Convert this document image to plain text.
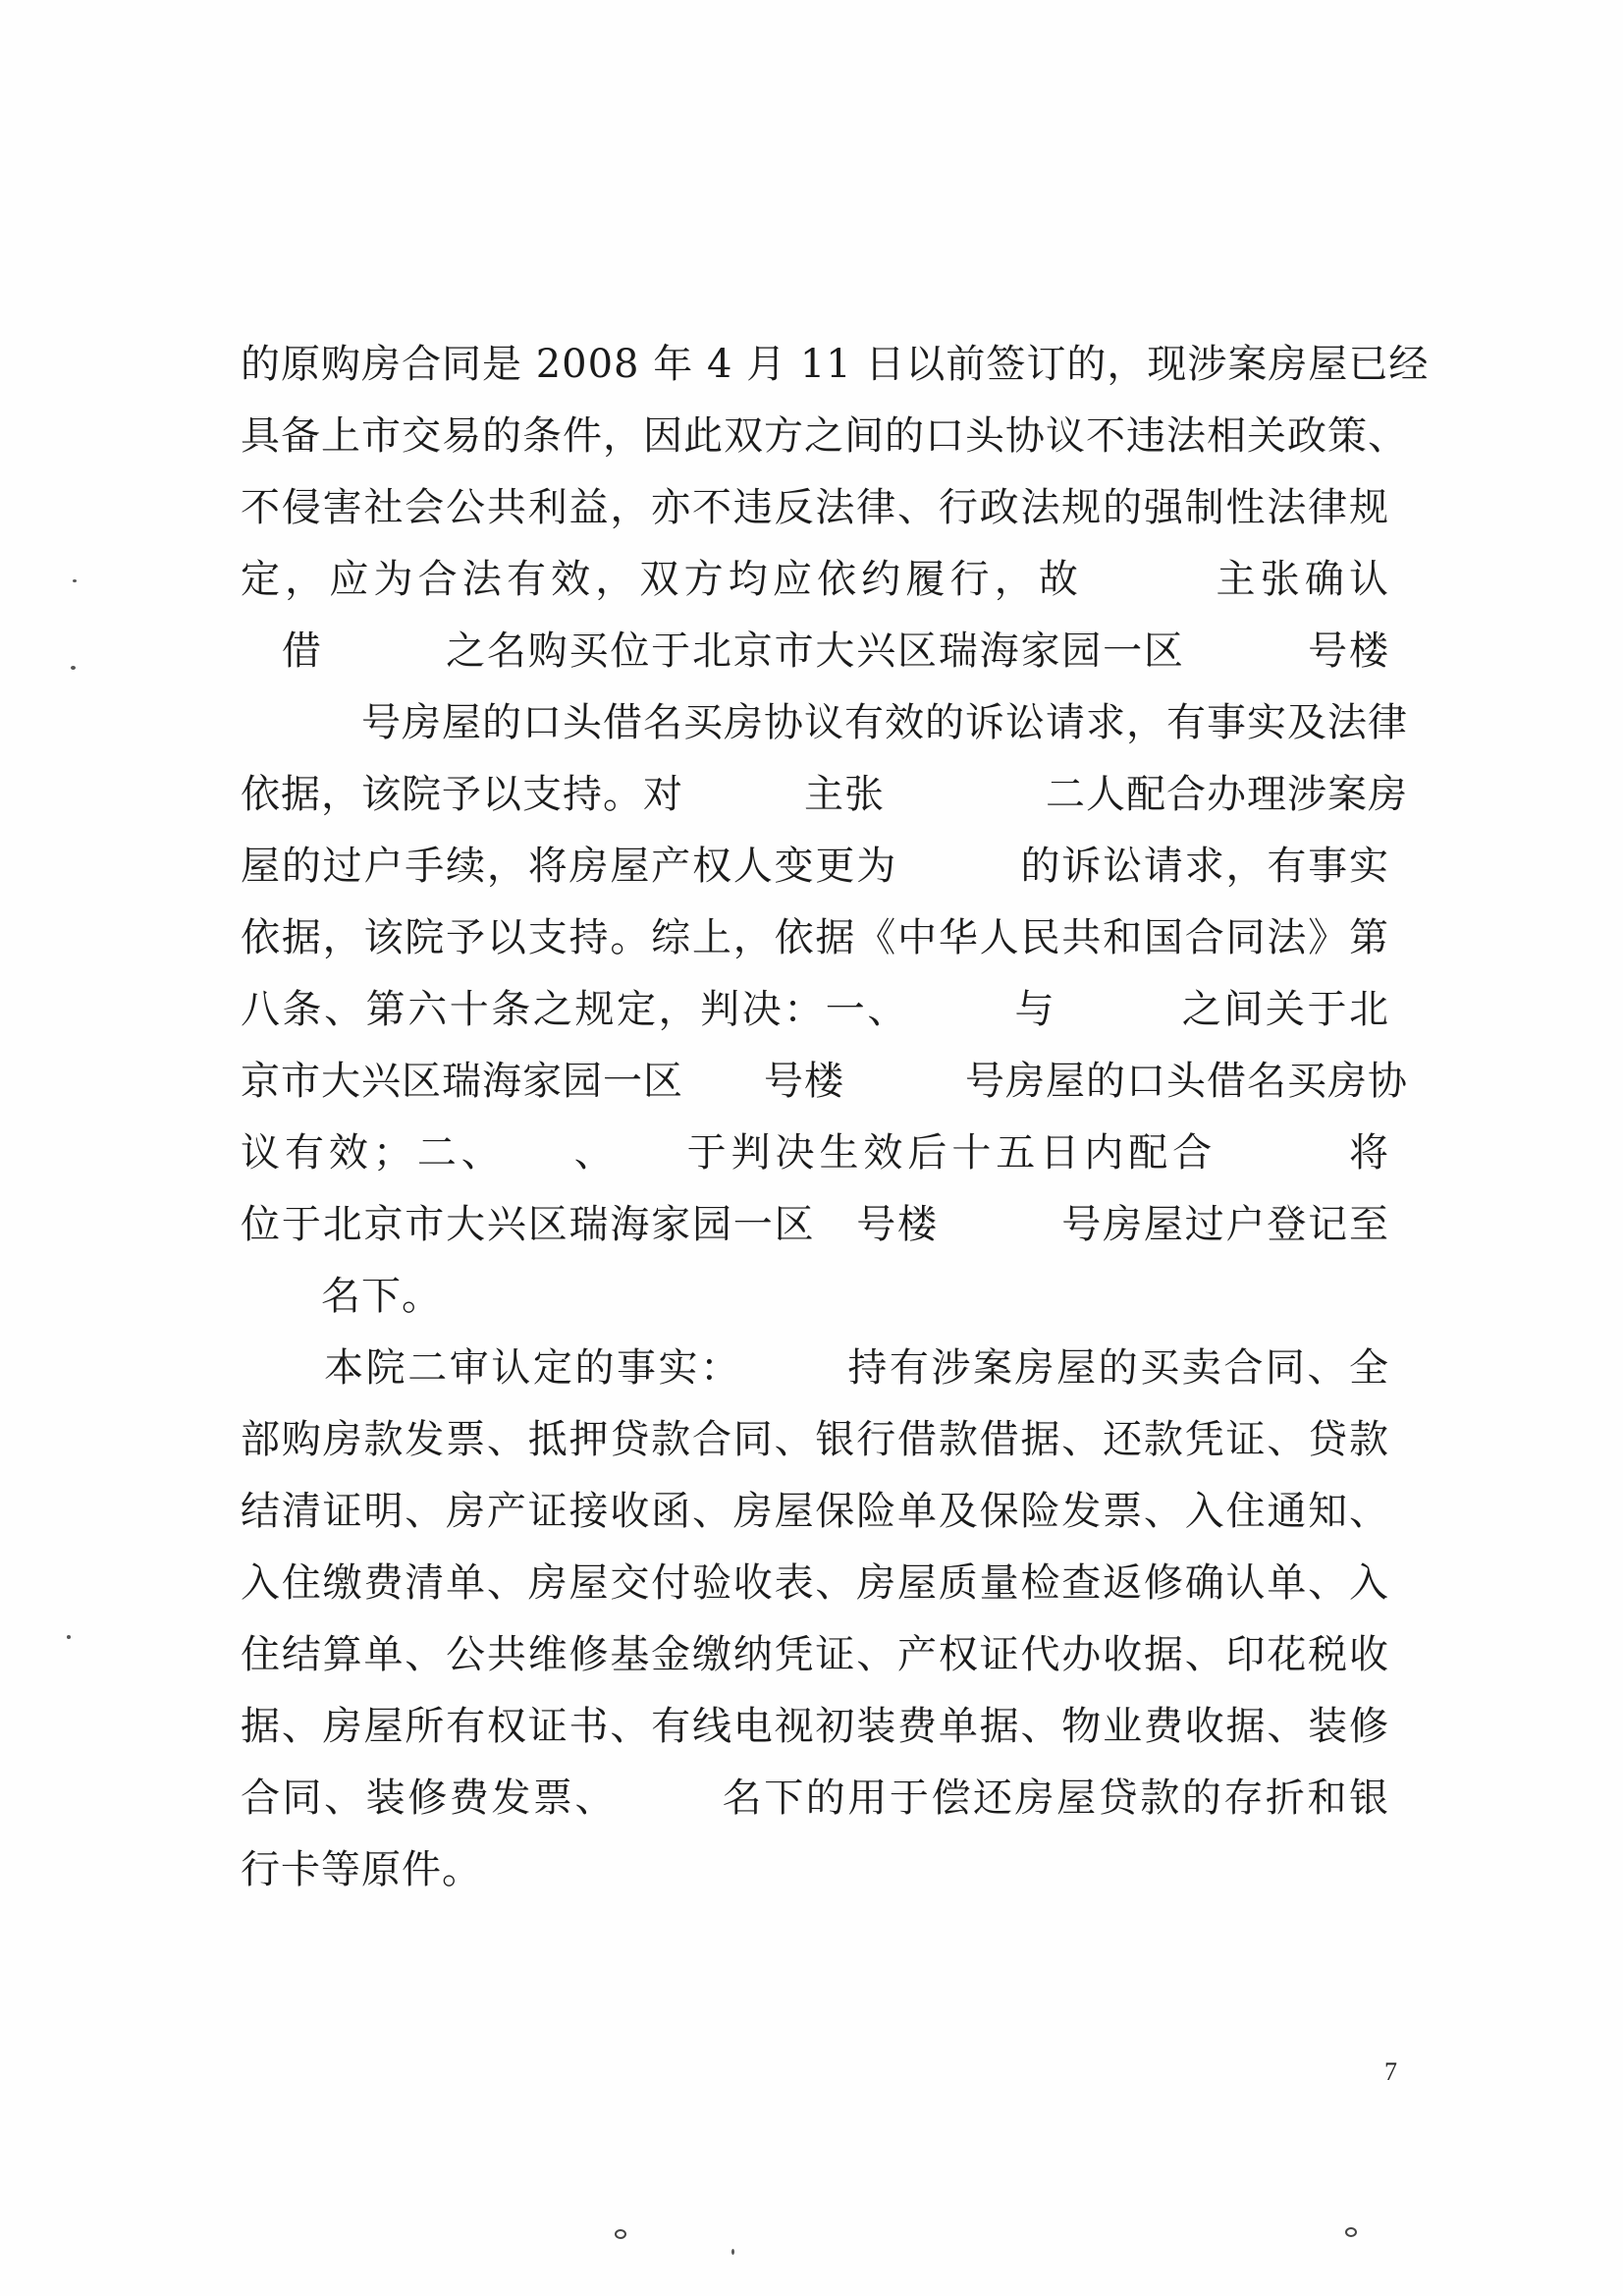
的原购房合同是 2008 年 4 月 11 日以前签订的，现涉案房屋已经
具备上市交易的条件，因此双方之间的口头协议不违法相关政策、
不侵害社会公共利益，亦不违反法律、行政法规的强制性法律规
定，应为合法有效，双方均应依约履行，故　　　主张确认　　
　借　　　之名购买位于北京市大兴区瑞海家园一区　　　号楼
　　　号房屋的口头借名买房协议有效的诉讼请求，有事实及法律
依据，该院予以支持。对　　　主张　　　　二人配合办理涉案房
屋的过户手续，将房屋产权人变更为　　　的诉讼请求，有事实
依据，该院予以支持。综上，依据《中华人民共和国合同法》第
八条、第六十条之规定，判决：一、　　　与　　　之间关于北
京市大兴区瑞海家园一区　　号楼　　　号房屋的口头借名买房协
议有效；二、　　、　　于判决生效后十五日内配合　　　将
位于北京市大兴区瑞海家园一区　号楼　　　号房屋过户登记至
　　名下。
　　本院二审认定的事实：　　　持有涉案房屋的买卖合同、全
部购房款发票、抵押贷款合同、银行借款借据、还款凭证、贷款
结清证明、房产证接收函、房屋保险单及保险发票、入住通知、
入住缴费清单、房屋交付验收表、房屋质量检查返修确认单、入
住结算单、公共维修基金缴纳凭证、产权证代办收据、印花税收
据、房屋所有权证书、有线电视初装费单据、物业费收据、装修
合同、装修费发票、　　　名下的用于偿还房屋贷款的存折和银
行卡等原件。
7
